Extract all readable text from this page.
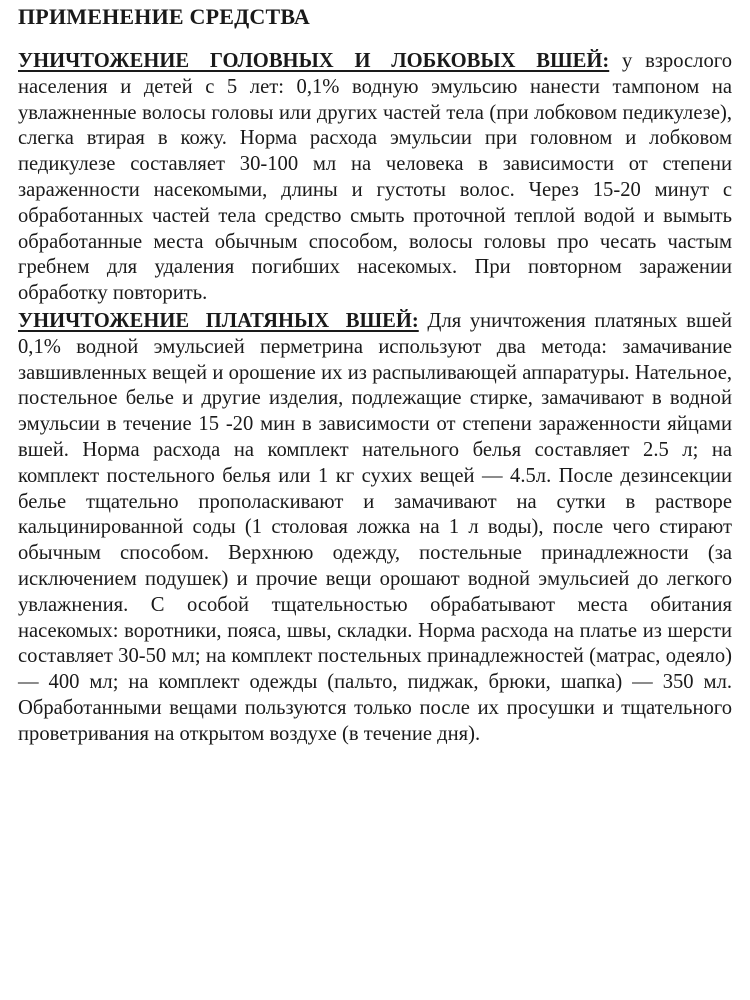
ПРИМЕНЕНИЕ СРЕДСТВА

УНИЧТОЖЕНИЕ ГОЛОВНЫХ И ЛОБКОВЫХ ВШЕЙ: у взрослого населения и детей с 5 лет: 0,1% водную эмульсию нанести тампоном на увлажненные волосы головы или других частей тела (при лобковом педикулезе), слегка втирая в кожу. Норма расхода эмульсии при головном и лобковом педикулезе составляет 30-100 мл на человека в зависимости от степени зараженности насекомыми, длины и густоты волос. Через 15-20 минут с обработанных частей тела средство смыть проточной теплой водой и вымыть обработанные места обычным способом, волосы головы про чесать частым гребнем для удаления погибших насекомых. При повторном заражении обработку повторить.

УНИЧТОЖЕНИЕ ПЛАТЯНЫХ ВШЕЙ: Для уничтожения платяных вшей 0,1% водной эмульсией перметрина используют два метода: замачивание завшивленных вещей и орошение их из распыливающей аппаратуры. Нательное, постельное белье и другие изделия, подлежащие стирке, замачивают в водной эмульсии в течение 15 -20 мин в зависимости от степени зараженности яйцами вшей. Норма расхода на комплект нательного белья составляет 2.5 л; на комплект постельного белья или 1 кг сухих вещей — 4.5л. После дезинсекции белье тщательно прополаскивают и замачивают на сутки в растворе кальцинированной соды (1 столовая ложка на 1 л воды), после чего стирают обычным способом. Верхнюю одежду, постельные принадлежности (за исключением подушек) и прочие вещи орошают водной эмульсией до легкого увлажнения. С особой тщательностью обрабатывают места обитания насекомых: воротники, пояса, швы, складки. Норма расхода на платье из шерсти составляет 30-50 мл; на комплект постельных принадлежностей (матрас, одеяло) — 400 мл; на комплект одежды (пальто, пиджак, брюки, шапка) — 350 мл. Обработанными вещами пользуются только после их просушки и тщательного проветривания на открытом воздухе (в течение дня).
